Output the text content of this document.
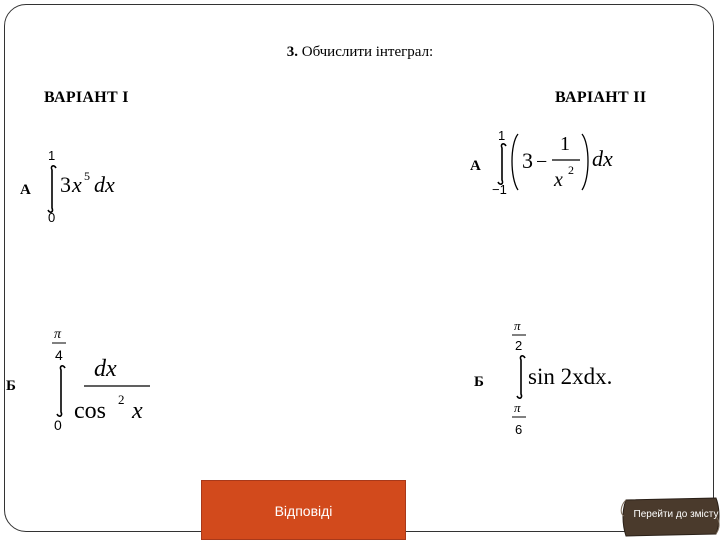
3. Обчислити інтеграл:
ВАРІАНТ І	ВАРІАНТ ІІ
А
1
0
3 x 5 dx
Б
π
4
0
dx
cos 2 x
А
1
−1
3 −
1
x 2 dx
Б
π
2
π
6
sin 2xdx.
Відповіді	Перейти до змісту
